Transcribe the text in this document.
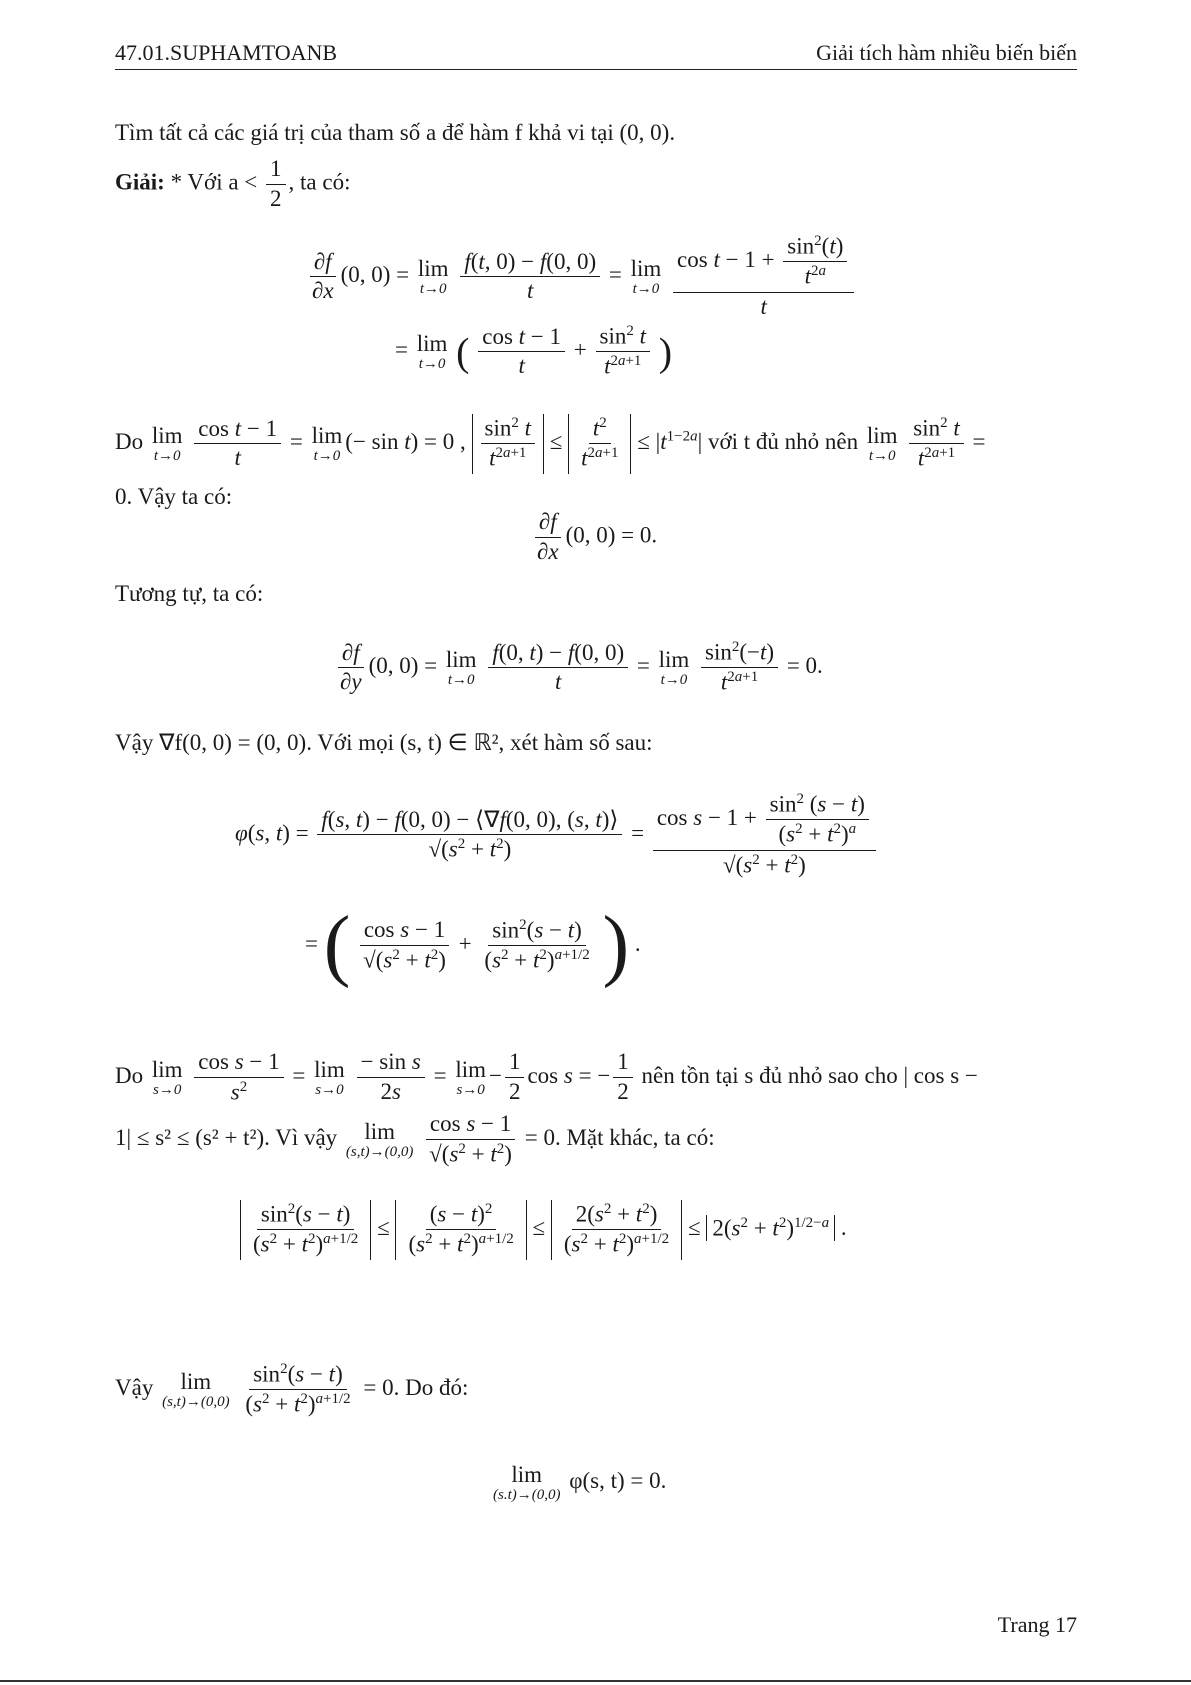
47.01.SUPHAMTOANB	Giải tích hàm nhiều biến biến
Tìm tất cả các giá trị của tham số a để hàm f khả vi tại (0, 0).
Giải: * Với $a < \frac{1}{2}$ , ta có:
$\frac{\partial f}{\partial x} (0$, 0) = lim
t→0
$\frac{f(t, 0) - f(0, 0)}{t} = \lim$
t→0
$\frac{\cos t - 1 + \frac{\sin^2(t)}{t^{2a}}}{t}$
= lim
t→0 ( $\frac{\text{cos t − 1}}{t} + \frac{\sin^2 t}{t^{2a+1}}$ )
Do lim
t→0
$\frac{\text{cos t − 1}}{t} = \lim$
t→0
(− sin t) = 0 , $\frac{\sin^2 t}{t^{2a+1}} \le \frac{t^2}{t^{2a+1}} \le |t^{1-2a}|$ với t đủ nhỏ nên lim
t→0
$\frac{\sin^2 t}{t^{2a+1}}$ =
0. Vậy ta có:
$\frac{\partial f}{\partial x} (0$, 0) = 0.
Tương tự, ta có:
$\frac{\partial f}{\partial y} (0$, 0) = lim
t→0
$\frac{f(0, t) - f(0, 0)}{t} = \lim$
t→0
$\frac{\sin^2(-t)}{t^{2a+1}} = 0$.
Vậy ∇f(0, 0) = (0, 0). Với mọi (s, t) ∈ ℝ², xét hàm số sau:
φ(s, $t) = \frac{f(s, t) - f(0, 0) - ⟨\nabla f(0, 0), (s, t)⟩}{√(s^2 + t^2)} = \frac{\cos s - 1 + \frac{\sin^2 (s - t)}{(s^2 + t^2)^a}}{√(s^2 + t^2)}$
= ( $\frac{\text{cos s − 1}}{√(s^2 + t^2)} + \frac{\sin^2(s - t)}{(s^2 + t^2)^{a+1/2}}$ ) .
Do lim
s→0
$\frac{\text{cos s − 1}}{s^2} = \lim$
s→0
$\frac{\text{− sin s}}{2s} = \lim$
s→0
− $\frac{1}{2}$ cos s = − $\frac{1}{2}$ nên tồn tại s đủ nhỏ sao cho | cos s −
1| ≤ s² ≤ (s² + t²). Vì vậy lim
(s,t)→(0,0)
$\frac{\text{cos s − 1}}{√(s^2 + t^2)} = 0$. Mặt khác, ta có:
$\frac{\sin^2(s - t)}{(s^2 + t^2)^{a+1/2}} \le \frac{(s - t)^2}{(s^2 + t^2)^{a+1/2}} \le \frac{2(s^2 + t^2)}{(s^2 + t^2)^{a+1/2}} \le 2(s^2 + t^2)^{1/2-a}$ .
Vậy lim
(s,t)→(0,0)
$\frac{\sin^2(s - t)}{(s^2 + t^2)^{a+1/2}} = 0$. Do đó:
lim
(s.t)→(0,0)
φ(s, t) = 0.
Trang 17
